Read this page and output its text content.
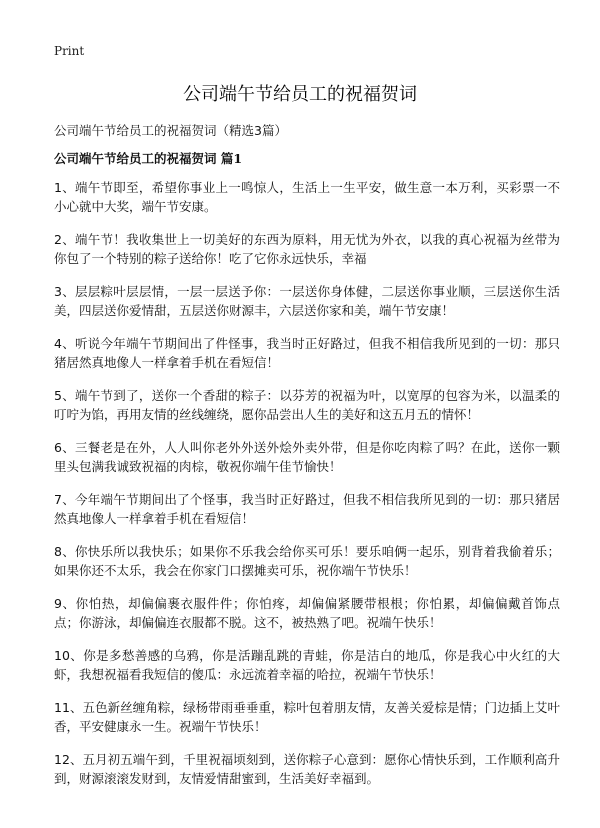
Print
公司端午节给员工的祝福贺词

公司端午节给员工的祝福贺词（精选3篇）

公司端午节给员工的祝福贺词 篇1
1、端午节即至，希望你事业上一鸣惊人，生活上一生平安，做生意一本万利，买彩票一不小心就中大奖，端午节安康。
2、端午节！我收集世上一切美好的东西为原料，用无忧为外衣，以我的真心祝福为丝带为你包了一个特别的粽子送给你！吃了它你永远快乐，幸福
3、层层粽叶层层情，一层一层送予你：一层送你身体健，二层送你事业顺，三层送你生活美，四层送你爱情甜，五层送你财源丰，六层送你家和美，端午节安康！
4、听说今年端午节期间出了件怪事，我当时正好路过，但我不相信我所见到的一切：那只猪居然真地像人一样拿着手机在看短信！
5、端午节到了，送你一个香甜的粽子：以芬芳的祝福为叶，以宽厚的包容为米，以温柔的叮咛为馅，再用友情的丝线缠绕，愿你品尝出人生的美好和这五月五的情怀！
6、三餐老是在外，人人叫你老外外送外烩外卖外带，但是你吃肉粽了吗？在此，送你一颗里头包满我诚致祝福的肉棕，敬祝你端午佳节愉快！
7、今年端午节期间出了个怪事，我当时正好路过，但我不相信我所见到的一切：那只猪居然真地像人一样拿着手机在看短信！
8、你快乐所以我快乐；如果你不乐我会给你买可乐！要乐咱俩一起乐，别背着我偷着乐；如果你还不太乐，我会在你家门口摆摊卖可乐，祝你端午节快乐！
9、你怕热，却偏偏裹衣服件件；你怕疼，却偏偏紧腰带根根；你怕累，却偏偏戴首饰点点；你游泳，却偏偏连衣服都不脱。这不，被热熟了吧。祝端午快乐！
10、你是多愁善感的乌鸦，你是活蹦乱跳的青蛙，你是洁白的地瓜，你是我心中火红的大虾，我想祝福看我短信的傻瓜：永远流着幸福的哈拉，祝端午节快乐！
11、五色新丝缠角粽，绿杨带雨垂垂重，粽叶包着朋友情，友善关爱棕是情；门边插上艾叶香，平安健康永一生。祝端午节快乐！
12、五月初五端午到，千里祝福顷刻到，送你粽子心意到：愿你心情快乐到，工作顺利高升到，财源滚滚发财到，友情爱情甜蜜到，生活美好幸福到。
